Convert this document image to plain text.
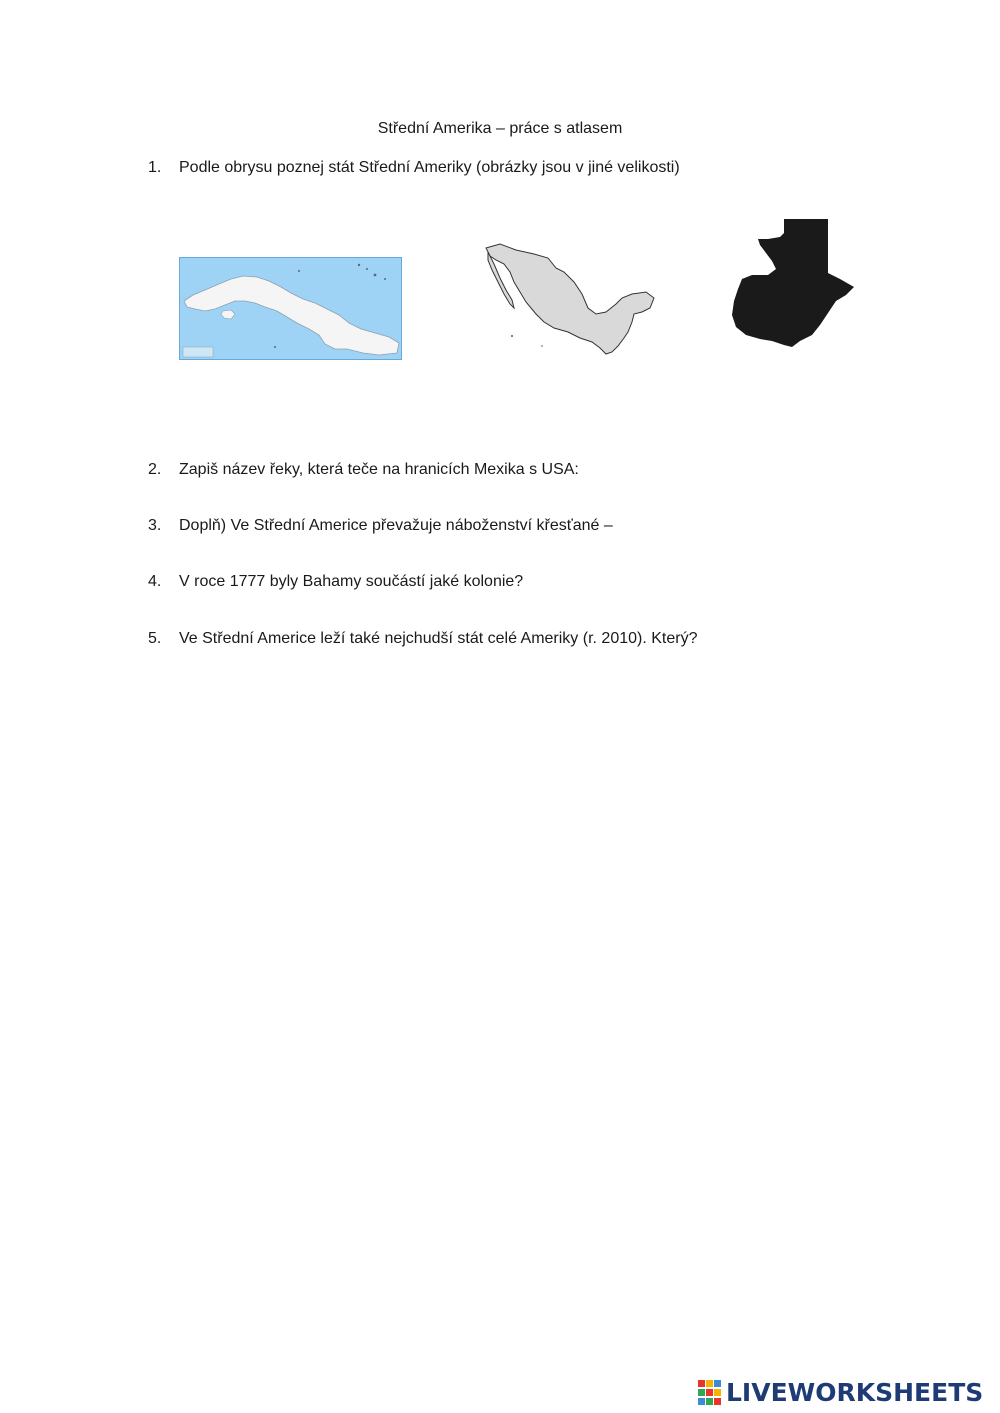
Střední Amerika – práce s atlasem
1. Podle obrysu poznej stát Střední Ameriky (obrázky jsou v jiné velikosti)
2. Zapiš název řeky, která teče na hranicích Mexika s USA:
3. Doplň) Ve Střední Americe převažuje náboženství křesťané –
4. V roce 1777 byly Bahamy součástí jaké kolonie?
5. Ve Střední Americe leží také nejchudší stát celé Ameriky (r. 2010). Který?
LIVEWORKSHEETS
